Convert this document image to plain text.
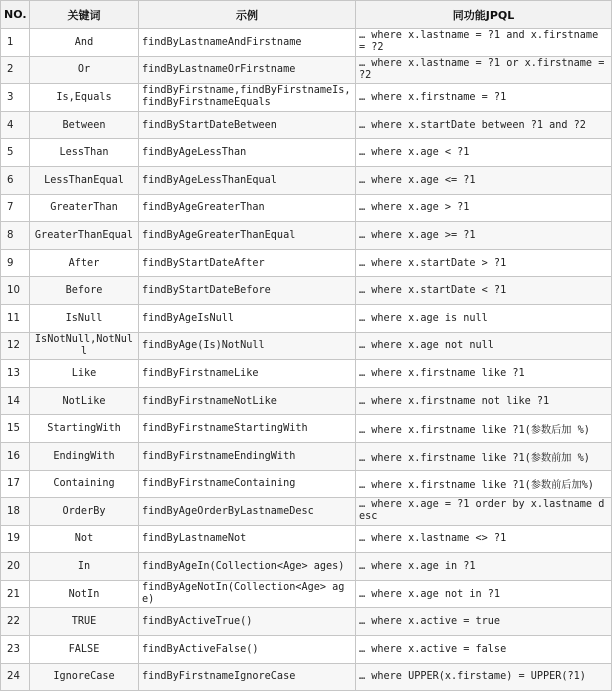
NO.	关键词	示例	同功能JPQL
1	And	findByLastnameAndFirstname	… where x.lastname = ?1 and x.firstname = ?2
2	Or	findByLastnameOrFirstname	… where x.lastname = ?1 or x.firstname = ?2
3	Is,Equals	findByFirstname,findByFirstnameIs,findByFirstnameEquals	… where x.firstname = ?1
4	Between	findByStartDateBetween	… where x.startDate between ?1 and ?2
5	LessThan	findByAgeLessThan	… where x.age < ?1
6	LessThanEqual	findByAgeLessThanEqual	… where x.age <= ?1
7	GreaterThan	findByAgeGreaterThan	… where x.age > ?1
8	GreaterThanEqual	findByAgeGreaterThanEqual	… where x.age >= ?1
9	After	findByStartDateAfter	… where x.startDate > ?1
10	Before	findByStartDateBefore	… where x.startDate < ?1
11	IsNull	findByAgeIsNull	… where x.age is null
12	IsNotNull,NotNull	findByAge(Is)NotNull	… where x.age not null
13	Like	findByFirstnameLike	… where x.firstname like ?1
14	NotLike	findByFirstnameNotLike	… where x.firstname not like ?1
15	StartingWith	findByFirstnameStartingWith	… where x.firstname like ?1(参数后加 %)
16	EndingWith	findByFirstnameEndingWith	… where x.firstname like ?1(参数前加 %)
17	Containing	findByFirstnameContaining	… where x.firstname like ?1(参数前后加%)
18	OrderBy	findByAgeOrderByLastnameDesc	… where x.age = ?1 order by x.lastname desc
19	Not	findByLastnameNot	… where x.lastname <> ?1
20	In	findByAgeIn(Collection<Age> ages)	… where x.age in ?1
21	NotIn	findByAgeNotIn(Collection<Age> age)	… where x.age not in ?1
22	TRUE	findByActiveTrue()	… where x.active = true
23	FALSE	findByActiveFalse()	… where x.active = false
24	IgnoreCase	findByFirstnameIgnoreCase	… where UPPER(x.firstame) = UPPER(?1)
